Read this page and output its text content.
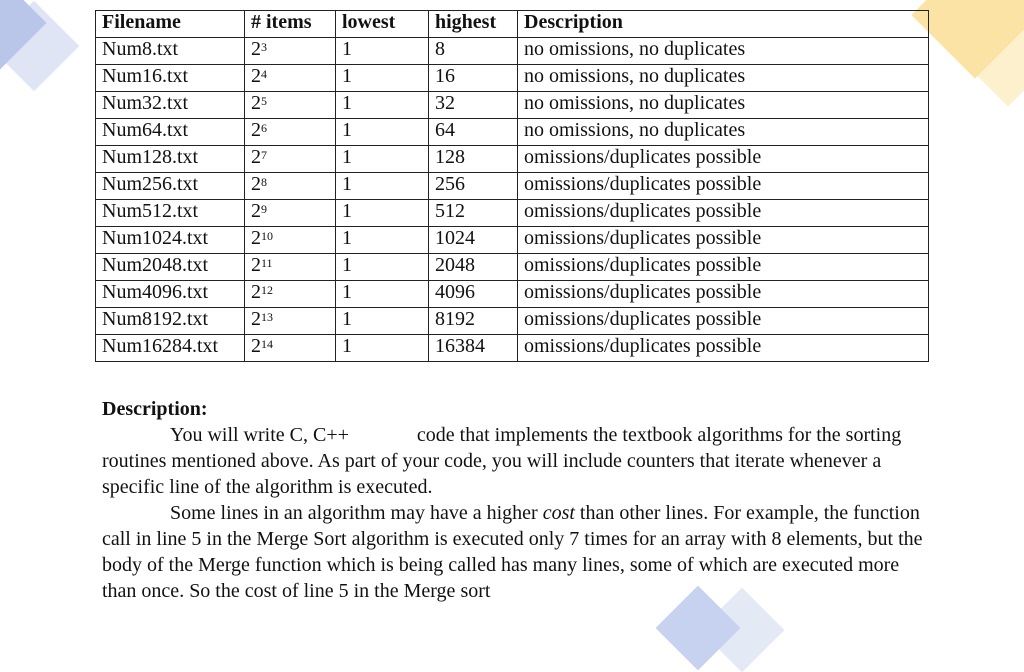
Filename	# items	lowest	highest	Description
Num8.txt	$2^3$	1	8	no omissions, no duplicates
Num16.txt	$2^4$	1	16	no omissions, no duplicates
Num32.txt	$2^5$	1	32	no omissions, no duplicates
Num64.txt	$2^6$	1	64	no omissions, no duplicates
Num128.txt	$2^7$	1	128	omissions/duplicates possible
Num256.txt	$2^8$	1	256	omissions/duplicates possible
Num512.txt	$2^9$	1	512	omissions/duplicates possible
Num1024.txt	$2^{10}$	1	1024	omissions/duplicates possible
Num2048.txt	$2^{11}$	1	2048	omissions/duplicates possible
Num4096.txt	$2^{12}$	1	4096	omissions/duplicates possible
Num8192.txt	$2^{13}$	1	8192	omissions/duplicates possible
Num16284.txt	$2^{14}$	1	16384	omissions/duplicates possible

Description:

You will write C, C++	code that implements the textbook algorithms for the sorting routines mentioned above. As part of your code, you will include counters that iterate whenever a specific line of the algorithm is executed.

Some lines in an algorithm may have a higher cost than other lines. For example, the function call in line 5 in the Merge Sort algorithm is executed only 7 times for an array with 8 elements, but the body of the Merge function which is being called has many lines, some of which are executed more than once. So the cost of line 5 in the Merge sort
